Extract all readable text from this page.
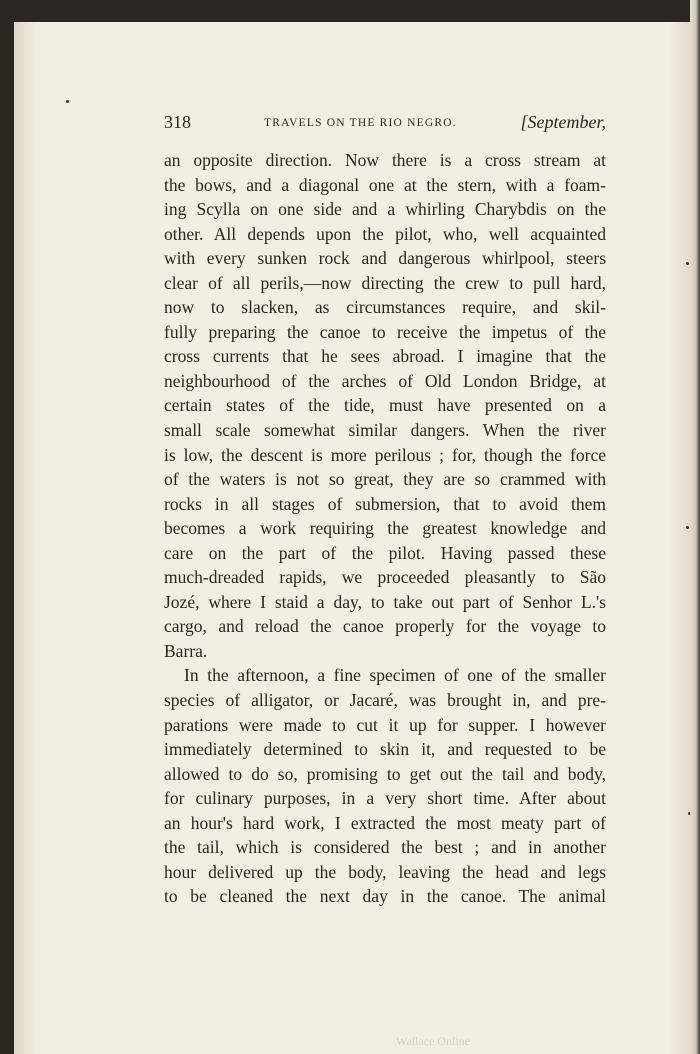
318	TRAVELS ON THE RIO NEGRO.	[September,
an opposite direction. Now there is a cross stream at
the bows, and a diagonal one at the stern, with a foam-
ing Scylla on one side and a whirling Charybdis on the
other. All depends upon the pilot, who, well acquainted
with every sunken rock and dangerous whirlpool, steers
clear of all perils,—now directing the crew to pull hard,
now to slacken, as circumstances require, and skil-
fully preparing the canoe to receive the impetus of the
cross currents that he sees abroad. I imagine that the
neighbourhood of the arches of Old London Bridge, at
certain states of the tide, must have presented on a
small scale somewhat similar dangers. When the river
is low, the descent is more perilous ; for, though the force
of the waters is not so great, they are so crammed with
rocks in all stages of submersion, that to avoid them
becomes a work requiring the greatest knowledge and
care on the part of the pilot. Having passed these
much-dreaded rapids, we proceeded pleasantly to São
Jozé, where I staid a day, to take out part of Senhor L.'s
cargo, and reload the canoe properly for the voyage to
Barra.
In the afternoon, a fine specimen of one of the smaller
species of alligator, or Jacaré, was brought in, and pre-
parations were made to cut it up for supper. I however
immediately determined to skin it, and requested to be
allowed to do so, promising to get out the tail and body,
for culinary purposes, in a very short time. After about
an hour's hard work, I extracted the most meaty part of
the tail, which is considered the best ; and in another
hour delivered up the body, leaving the head and legs
to be cleaned the next day in the canoe. The animal
Wallace Online
